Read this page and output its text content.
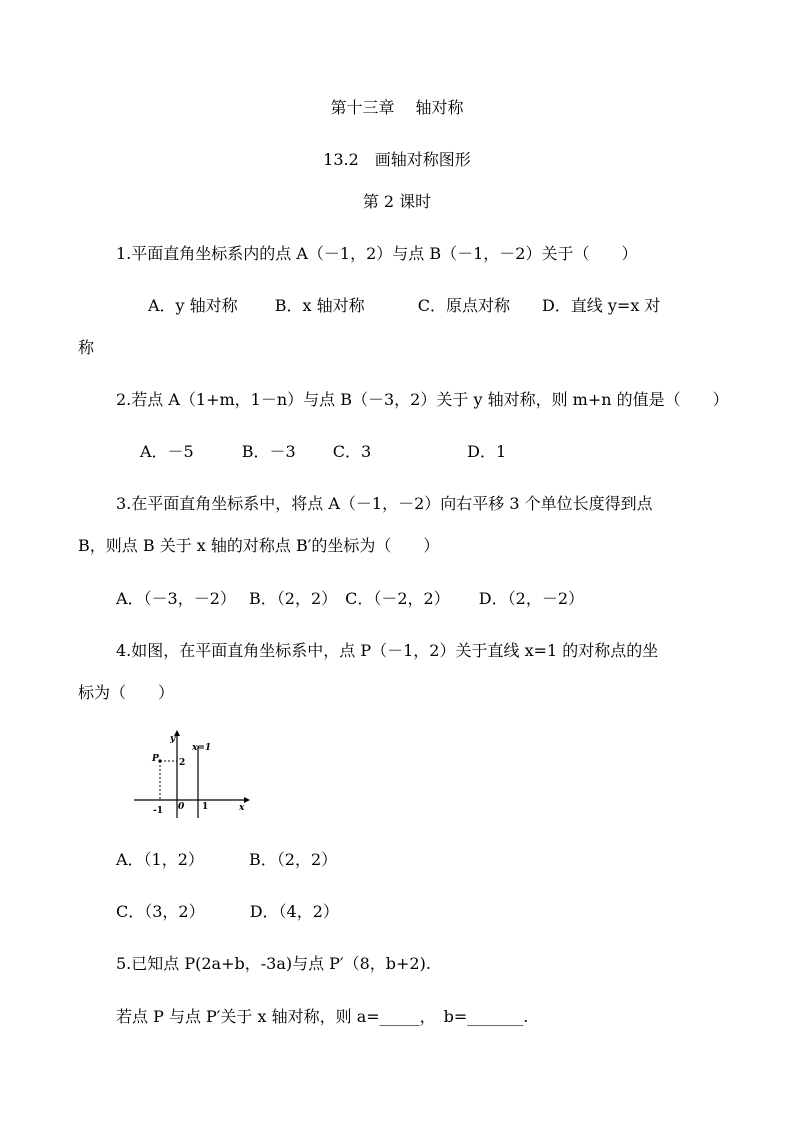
第十三章　 轴对称
13.2　画轴对称图形
第 2 课时
1.平面直角坐标系内的点 A（－1，2）与点 B（－1，－2）关于（　　）
A．y 轴对称　　 B．x 轴对称　　　 C．原点对称　　D．直线 y=x 对
称
2.若点 A（1+m，1－n）与点 B（－3，2）关于 y 轴对称，则 m+n 的值是（　　）
A．－5　　　B．－3　　 C．3　　　　　　D．1
3.在平面直角坐标系中，将点 A（－1，－2）向右平移 3 个单位长度得到点
B，则点 B 关于 x 轴的对称点 B′的坐标为（　　）
A．（－3，－2）　 B．（2，2）　C．（－2，2）　　 D．（2，－2）
4.如图，在平面直角坐标系中，点 P（－1，2）关于直线 x=1 的对称点的坐
标为（　　）
y
x
x=1
P 2
-1 0 1
A．（1，2）　　　 B．（2，2）
C．（3，2）　　　 D．（4，2）
5.已知点 P(2a+b，-3a)与点 P′（8，b+2).
若点 P 与点 P′关于 x 轴对称，则 a=_____，　b=_______.
